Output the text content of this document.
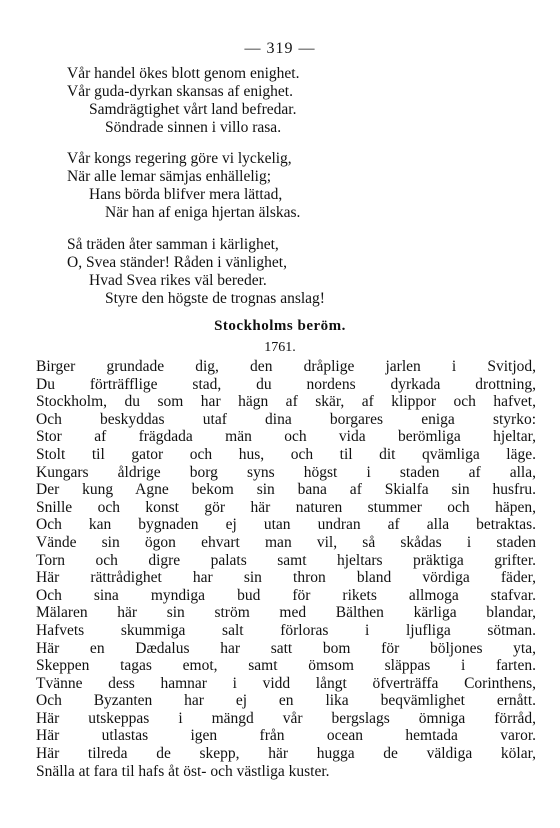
— 319 —
Vår handel ökes blott genom enighet.
Vår guda-dyrkan skansas af enighet.
Samdrägtighet vårt land befredar.
Söndrade sinnen i villo rasa.
Vår kongs regering göre vi lyckelig,
När alle lemar sämjas enhällelig;
Hans börda blifver mera lättad,
När han af eniga hjertan älskas.
Så träden åter samman i kärlighet,
O, Svea ständer! Råden i vänlighet,
Hvad Svea rikes väl bereder.
Styre den högste de trognas anslag!
Stockholms beröm.
1761.
Birger grundade dig, den dråplige jarlen i Svitjod,
Du förträfflige stad, du nordens dyrkada drottning,
Stockholm, du som har hägn af skär, af klippor och hafvet,
Och beskyddas utaf dina borgares eniga styrko:
Stor af frägdada män och vida berömliga hjeltar,
Stolt til gator och hus, och til dit qvämliga läge.
Kungars åldrige borg syns högst i staden af alla,
Der kung Agne bekom sin bana af Skialfa sin husfru.
Snille och konst gör här naturen stummer och häpen,
Och kan bygnaden ej utan undran af alla betraktas.
Vände sin ögon ehvart man vil, så skådas i staden
Torn och digre palats samt hjeltars präktiga grifter.
Här rättrådighet har sin thron bland vördiga fäder,
Och sina myndiga bud för rikets allmoga stafvar.
Mälaren här sin ström med Bälthen kärliga blandar,
Hafvets skummiga salt förloras i ljufliga sötman.
Här en Dædalus har satt bom för böljones yta,
Skeppen tagas emot, samt ömsom släppas i farten.
Tvänne dess hamnar i vidd långt öfverträffa Corinthens,
Och Byzanten har ej en lika beqvämlighet ernått.
Här utskeppas i mängd vår bergslags ömniga förråd,
Här utlastas igen från ocean hemtada varor.
Här tilreda de skepp, här hugga de väldiga kölar,
Snälla at fara til hafs åt öst- och västliga kuster.
